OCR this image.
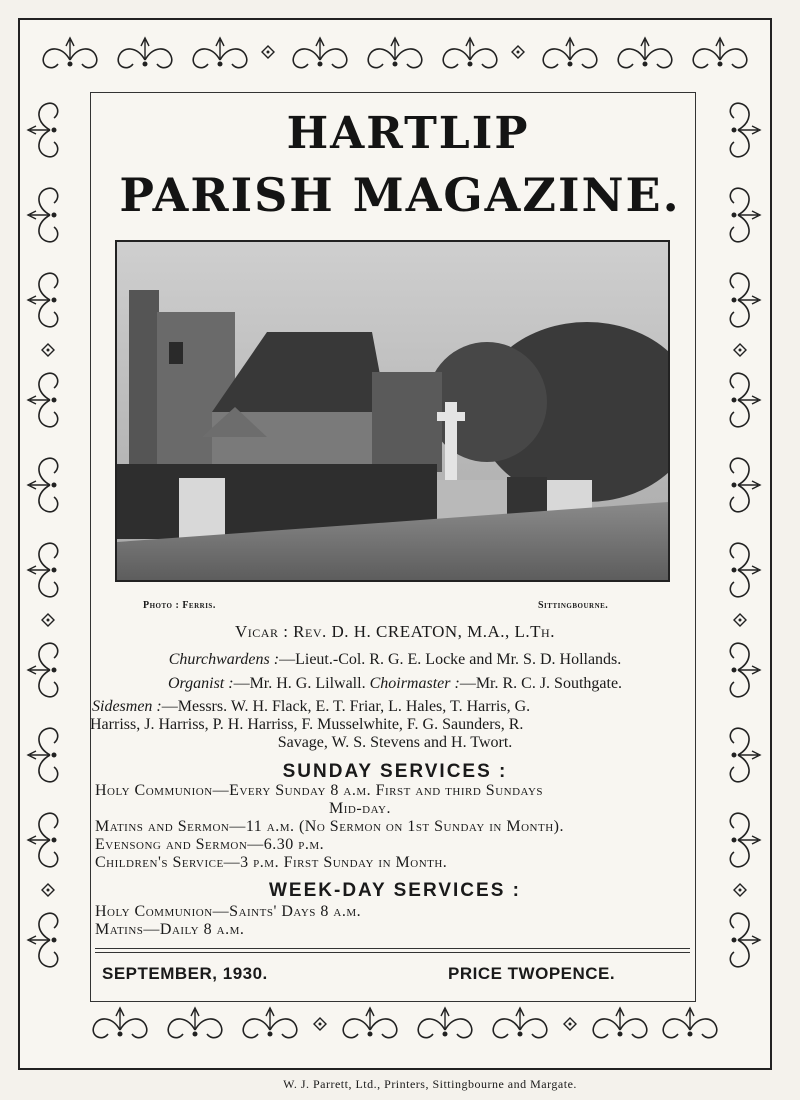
HARTLIP
PARISH MAGAZINE.
Photo : Ferris.	Sittingbourne.
Vicar : Rev. D. H. CREATON, M.A., L.Th.
Churchwardens :—Lieut.-Col. R. G. E. Locke and Mr. S. D. Hollands.
Organist :—Mr. H. G. Lilwall. Choirmaster :—Mr. R. C. J. Southgate.
Sidesmen :—Messrs. W. H. Flack, E. T. Friar, L. Hales, T. Harris, G.
Harriss, J. Harriss, P. H. Harriss, F. Musselwhite, F. G. Saunders, R.
Savage, W. S. Stevens and H. Twort.
SUNDAY SERVICES :
Holy Communion—Every Sunday 8 a.m. First and third Sundays
Mid-day.
Matins and Sermon—11 a.m. (No Sermon on 1st Sunday in Month).
Evensong and Sermon—6.30 p.m.
Children's Service—3 p.m. First Sunday in Month.
WEEK-DAY SERVICES :
Holy Communion—Saints' Days 8 a.m.
Matins—Daily 8 a.m.
SEPTEMBER, 1930.	PRICE TWOPENCE.
W. J. Parrett, Ltd., Printers, Sittingbourne and Margate.
